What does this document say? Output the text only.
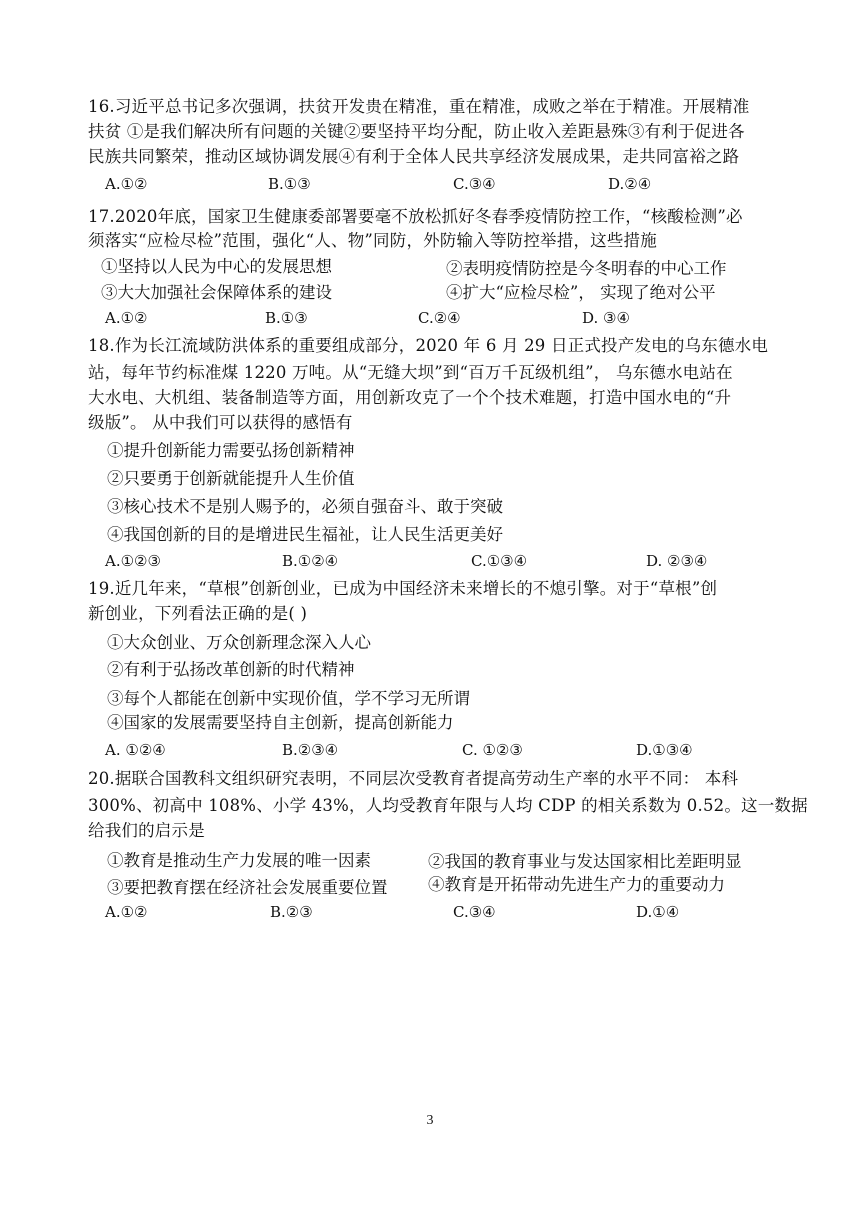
16.习近平总书记多次强调，扶贫开发贵在精准，重在精准，成败之举在于精准。开展精准
扶贫 ①是我们解决所有问题的关键②要坚持平均分配，防止收入差距悬殊③有利于促进各
民族共同繁荣，推动区域协调发展④有利于全体人民共享经济发展成果，走共同富裕之路
A.①②	B.①③	C.③④	D.②④
17.2020年底，国家卫生健康委部署要毫不放松抓好冬春季疫情防控工作，“核酸检测”必
须落实“应检尽检”范围，强化“人、物”同防，外防输入等防控举措，这些措施
①坚持以人民为中心的发展思想	②表明疫情防控是今冬明春的中心工作
③大大加强社会保障体系的建设	④扩大“应检尽检”， 实现了绝对公平
A.①②	B.①③	C.②④	D. ③④
18.作为长江流域防洪体系的重要组成部分，2020 年 6 月 29 日正式投产发电的乌东德水电
站，每年节约标准煤 1220 万吨。从“无缝大坝”到“百万千瓦级机组”， 乌东德水电站在
大水电、大机组、装备制造等方面，用创新攻克了一个个技术难题，打造中国水电的“升
级版”。 从中我们可以获得的感悟有
①提升创新能力需要弘扬创新精神
②只要勇于创新就能提升人生价值
③核心技术不是别人赐予的，必须自强奋斗、敢于突破
④我国创新的目的是增进民生福祉，让人民生活更美好
A.①②③	B.①②④	C.①③④	D. ②③④
19.近几年来，“草根”创新创业，已成为中国经济未来增长的不熄引擎。对于“草根”创
新创业，下列看法正确的是( )
①大众创业、万众创新理念深入人心
②有利于弘扬改革创新的时代精神
③每个人都能在创新中实现价值，学不学习无所谓
④国家的发展需要坚持自主创新，提高创新能力
A. ①②④	B.②③④	C. ①②③	D.①③④
20.据联合国教科文组织研究表明，不同层次受教育者提高劳动生产率的水平不同： 本科
300%、初高中 108%、小学 43%，人均受教育年限与人均 CDP 的相关系数为 0.52。这一数据
给我们的启示是
①教育是推动生产力发展的唯一因素	②我国的教育事业与发达国家相比差距明显
③要把教育摆在经济社会发展重要位置 ④教育是开拓带动先进生产力的重要动力
A.①②	B.②③	C.③④	D.①④
3
